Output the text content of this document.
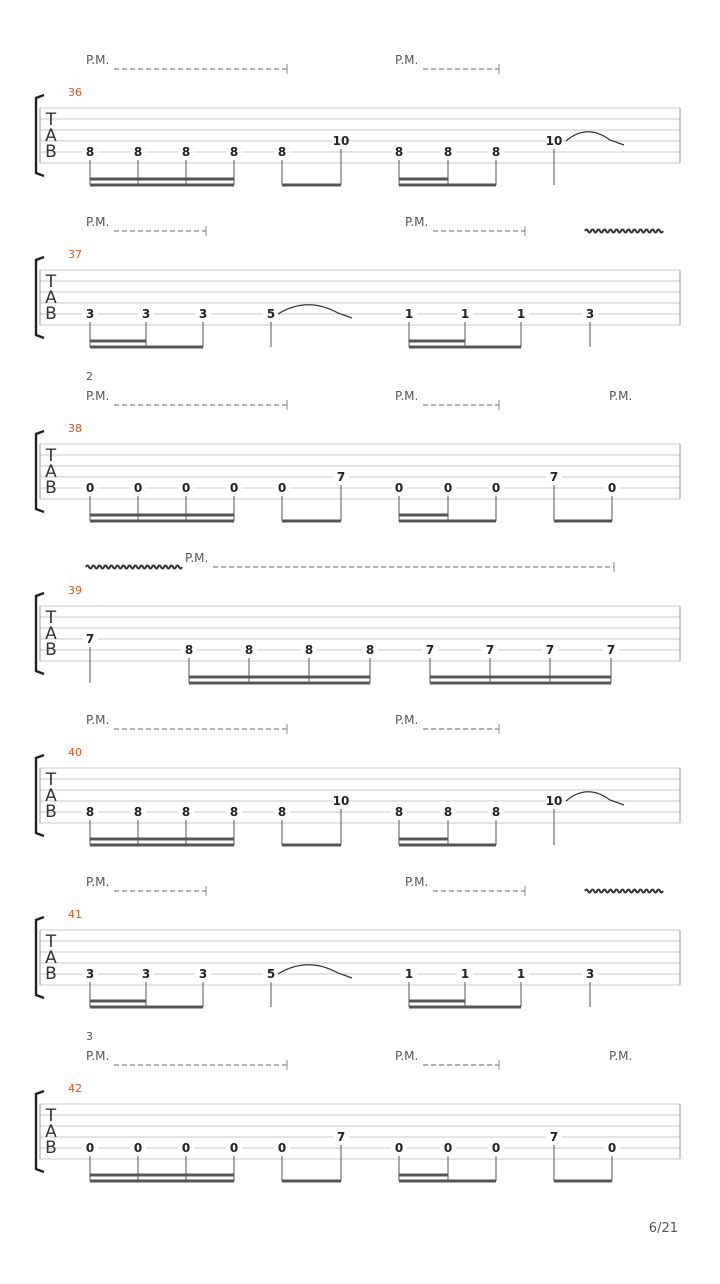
T
A
B
36
P.M.	P.M.
8	8	8	8	8
10
8	8	8
10
T
A
B
37
P.M.	P.M.
3	3	3	5	1	1	1	3
T
A
B
38
2
P.M.	P.M.	P.M.
0	0	0	0	0
7
0	0	0
7
0
T
A
B
39
P.M.
7
8	8	8	8	7	7	7	7
T
A
B
40
P.M.	P.M.
8	8	8	8	8
10
8	8	8
10
T
A
B
41
P.M.	P.M.
3	3	3	5	1	1	1	3
T
A
B
42
3
P.M.	P.M.	P.M.
0	0	0	0	0
7
0	0	0
7
0
6/21
